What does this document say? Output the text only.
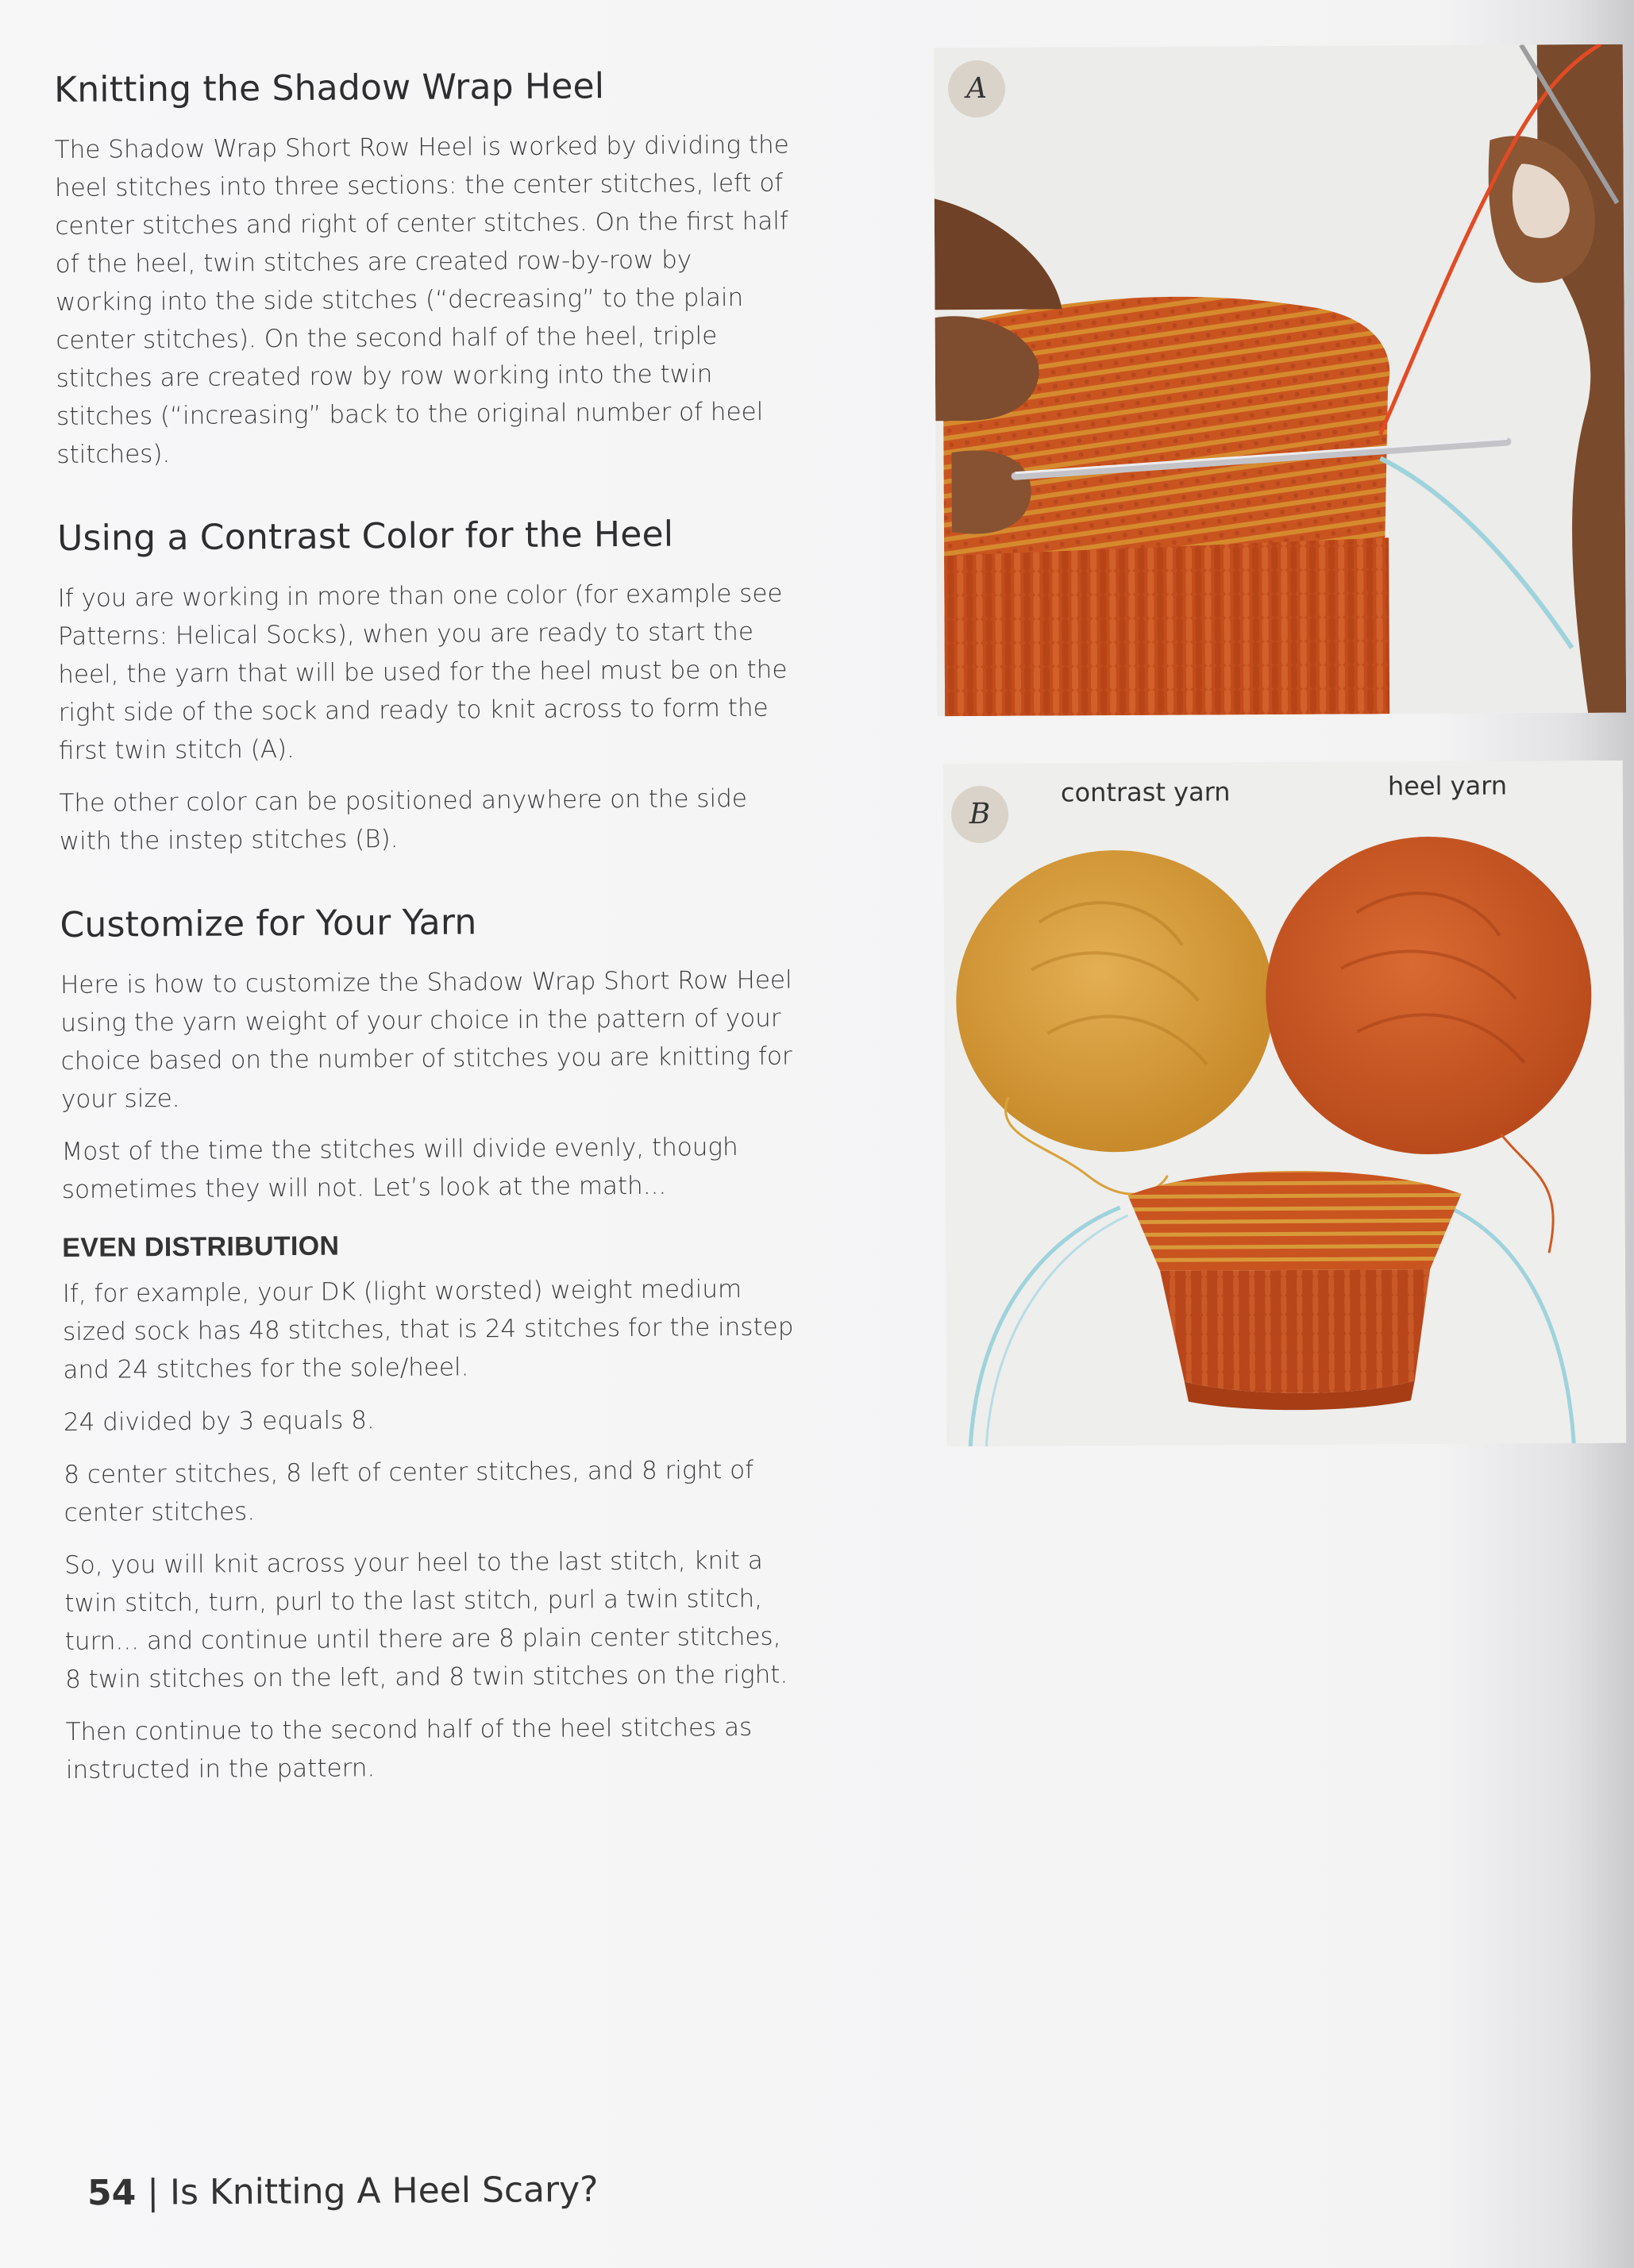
Knitting the Shadow Wrap Heel

The Shadow Wrap Short Row Heel is worked by dividing the heel stitches into three sections: the center stitches, left of center stitches and right of center stitches. On the first half of the heel, twin stitches are created row-by-row by working into the side stitches (“decreasing” to the plain center stitches). On the second half of the heel, triple stitches are created row by row working into the twin stitches (“increasing” back to the original number of heel stitches).

Using a Contrast Color for the Heel

If you are working in more than one color (for example see Patterns: Helical Socks), when you are ready to start the heel, the yarn that will be used for the heel must be on the right side of the sock and ready to knit across to form the first twin stitch (A).

The other color can be positioned anywhere on the side with the instep stitches (B).

Customize for Your Yarn

Here is how to customize the Shadow Wrap Short Row Heel using the yarn weight of your choice in the pattern of your choice based on the number of stitches you are knitting for your size.

Most of the time the stitches will divide evenly, though sometimes they will not. Let’s look at the math...

EVEN DISTRIBUTION

If, for example, your DK (light worsted) weight medium sized sock has 48 stitches, that is 24 stitches for the instep and 24 stitches for the sole/heel.

24 divided by 3 equals 8.

8 center stitches, 8 left of center stitches, and 8 right of center stitches.

So, you will knit across your heel to the last stitch, knit a twin stitch, turn, purl to the last stitch, purl a twin stitch, turn... and continue until there are 8 plain center stitches, 8 twin stitches on the left, and 8 twin stitches on the right.

Then continue to the second half of the heel stitches as instructed in the pattern.

A
B
contrast yarn	heel yarn
54 | Is Knitting A Heel Scary?
